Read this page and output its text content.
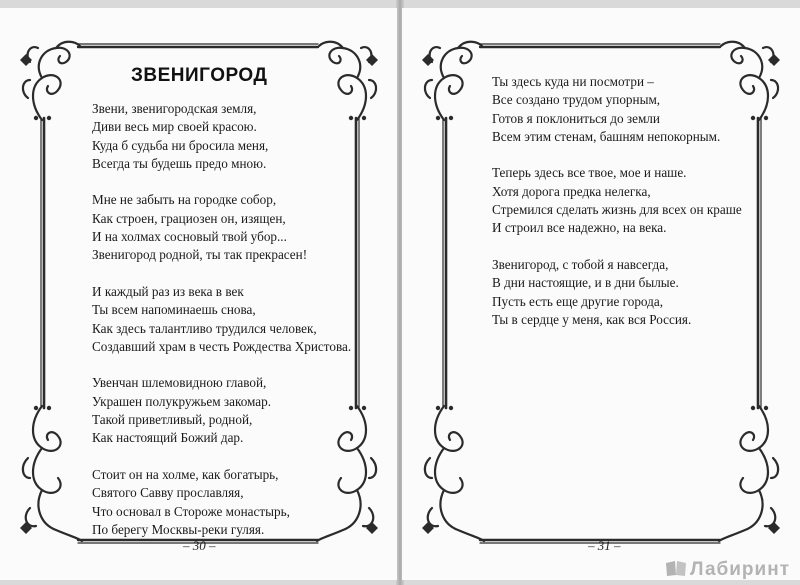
ЗВЕНИГОРОД
Звени, звенигородская земля,
Диви весь мир своей красою.
Куда б судьба ни бросила меня,
Всегда ты будешь предо мною.
Мне не забыть на городке собор,
Как строен, грациозен он, изящен,
И на холмах сосновый твой убор...
Звенигород родной, ты так прекрасен!
И каждый раз из века в век
Ты всем напоминаешь снова,
Как здесь талантливо трудился человек,
Создавший храм в честь Рождества Христова.
Увенчан шлемовидною главой,
Украшен полукружьем закомар.
Такой приветливый, родной,
Как настоящий Божий дар.
Стоит он на холме, как богатырь,
Святого Савву прославляя,
Что основал в Стороже монастырь,
По берегу Москвы-реки гуляя.
– 30 –
Ты здесь куда ни посмотри –
Все создано трудом упорным,
Готов я поклониться до земли
Всем этим стенам, башням непокорным.
Теперь здесь все твое, мое и наше.
Хотя дорога предка нелегка,
Стремился сделать жизнь для всех он краше
И строил все надежно, на века.
Звенигород, с тобой я навсегда,
В дни настоящие, и в дни былые.
Пусть есть еще другие города,
Ты в сердце у меня, как вся Россия.
– 31 –
Лабиринт
